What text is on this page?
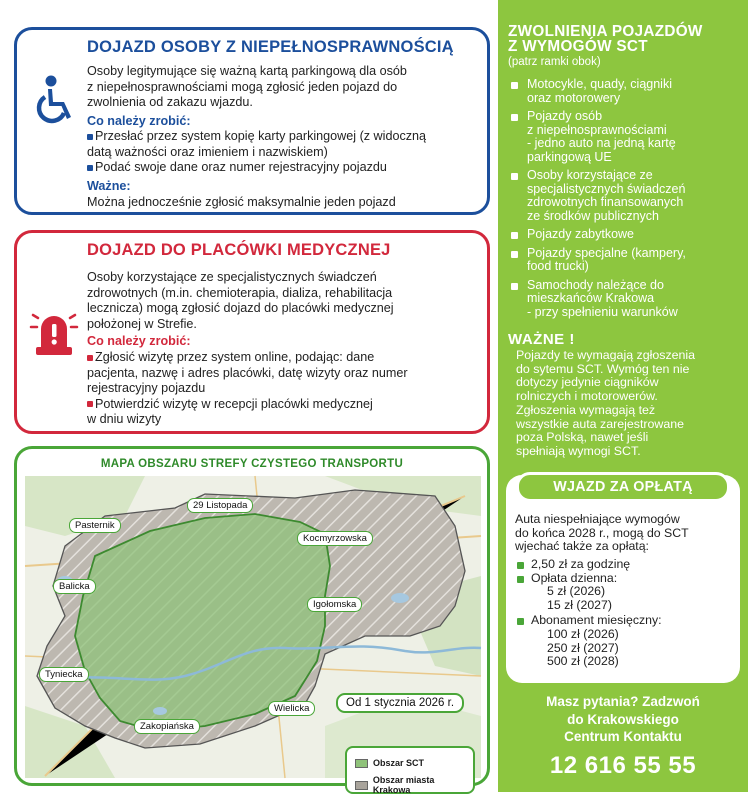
DOJAZD OSOBY Z NIEPEŁNOSPRAWNOŚCIĄ
Osoby legitymujące się ważną kartą parkingową dla osób
z niepełnosprawnościami mogą zgłosić jeden pojazd do
zwolnienia od zakazu wjazdu.
Co należy zrobić:
Przesłać przez system kopię karty parkingowej (z widoczną
datą ważności oraz imieniem i nazwiskiem)
Podać swoje dane oraz numer rejestracyjny pojazdu
Ważne:
Można jednocześnie zgłosić maksymalnie jeden pojazd
DOJAZD DO PLACÓWKI MEDYCZNEJ
Osoby korzystające ze specjalistycznych świadczeń
zdrowotnych (m.in. chemioterapia, dializa, rehabilitacja
lecznicza) mogą zgłosić dojazd do placówki medycznej
położonej w Strefie.
Co należy zrobić:
Zgłosić wizytę przez system online, podając: dane
pacjenta, nazwę i adres placówki, datę wizyty oraz numer
rejestracyjny pojazdu
Potwierdzić wizytę w recepcji placówki medycznej
w dniu wizyty
MAPA OBSZARU STREFY CZYSTEGO TRANSPORTU
29 Listopada
Pasternik
Kocmyrzowska
Balicka
Igołomska
Tyniecka
Wielicka
Zakopiańska
Od 1 stycznia 2026 r.
Obszar SCT
Obszar miasta Krakowa
ZWOLNIENIA POJAZDÓW
Z WYMOGÓW SCT
(patrz ramki obok)
Motocykle, quady, ciągniki
oraz motorowery
Pojazdy osób
z niepełnosprawnościami
- jedno auto na jedną kartę
parkingową UE
Osoby korzystające ze
specjalistycznych świadczeń
zdrowotnych finansowanych
ze środków publicznych
Pojazdy zabytkowe
Pojazdy specjalne (kampery,
food trucki)
Samochody należące do
mieszkańców Krakowa
- przy spełnieniu warunków
WAŻNE !
Pojazdy te wymagają zgłoszenia
do sytemu SCT. Wymóg ten nie
dotyczy jedynie ciągników
rolniczych i motorowerów.
Zgłoszenia wymagają też
wszystkie auta zarejestrowane
poza Polską, nawet jeśli
spełniają wymogi SCT.
WJAZD ZA OPŁATĄ
Auta niespełniające wymogów
do końca 2028 r., mogą do SCT
wjechać także za opłatą:
2,50 zł za godzinę
Opłata dzienna:
5 zł (2026)
15 zł (2027)
Abonament miesięczny:
100 zł (2026)
250 zł (2027)
500 zł (2028)
Masz pytania? Zadzwoń
do Krakowskiego
Centrum Kontaktu
12 616 55 55
